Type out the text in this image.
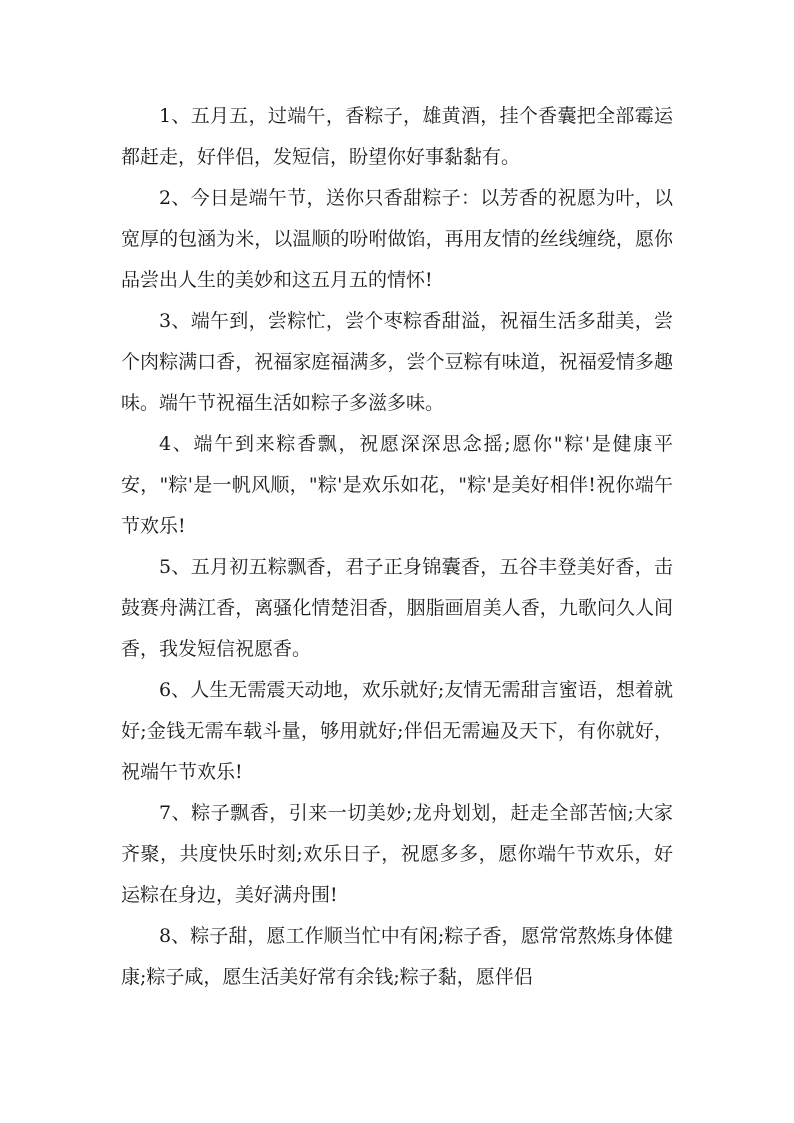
1、五月五，过端午，香粽子，雄黄酒，挂个香囊把全部霉运都赶走，好伴侣，发短信，盼望你好事黏黏有。

2、今日是端午节，送你只香甜粽子：以芳香的祝愿为叶，以宽厚的包涵为米，以温顺的吩咐做馅，再用友情的丝线缠绕，愿你品尝出人生的美妙和这五月五的情怀!

3、端午到，尝粽忙，尝个枣粽香甜溢，祝福生活多甜美，尝个肉粽满口香，祝福家庭福满多，尝个豆粽有味道，祝福爱情多趣味。端午节祝福生活如粽子多滋多味。

4、端午到来粽香飘，祝愿深深思念摇;愿你"粽'是健康平安，"粽'是一帆风顺，"粽'是欢乐如花，"粽'是美好相伴!祝你端午节欢乐!

5、五月初五粽飘香，君子正身锦囊香，五谷丰登美好香，击鼓赛舟满江香，离骚化情楚泪香，胭脂画眉美人香，九歌问久人间香，我发短信祝愿香。

6、人生无需震天动地，欢乐就好;友情无需甜言蜜语，想着就好;金钱无需车载斗量，够用就好;伴侣无需遍及天下，有你就好，祝端午节欢乐!

7、粽子飘香，引来一切美妙;龙舟划划，赶走全部苦恼;大家齐聚，共度快乐时刻;欢乐日子，祝愿多多，愿你端午节欢乐，好运粽在身边，美好满舟围!

8、粽子甜，愿工作顺当忙中有闲;粽子香，愿常常熬炼身体健康;粽子咸，愿生活美好常有余钱;粽子黏，愿伴侣
